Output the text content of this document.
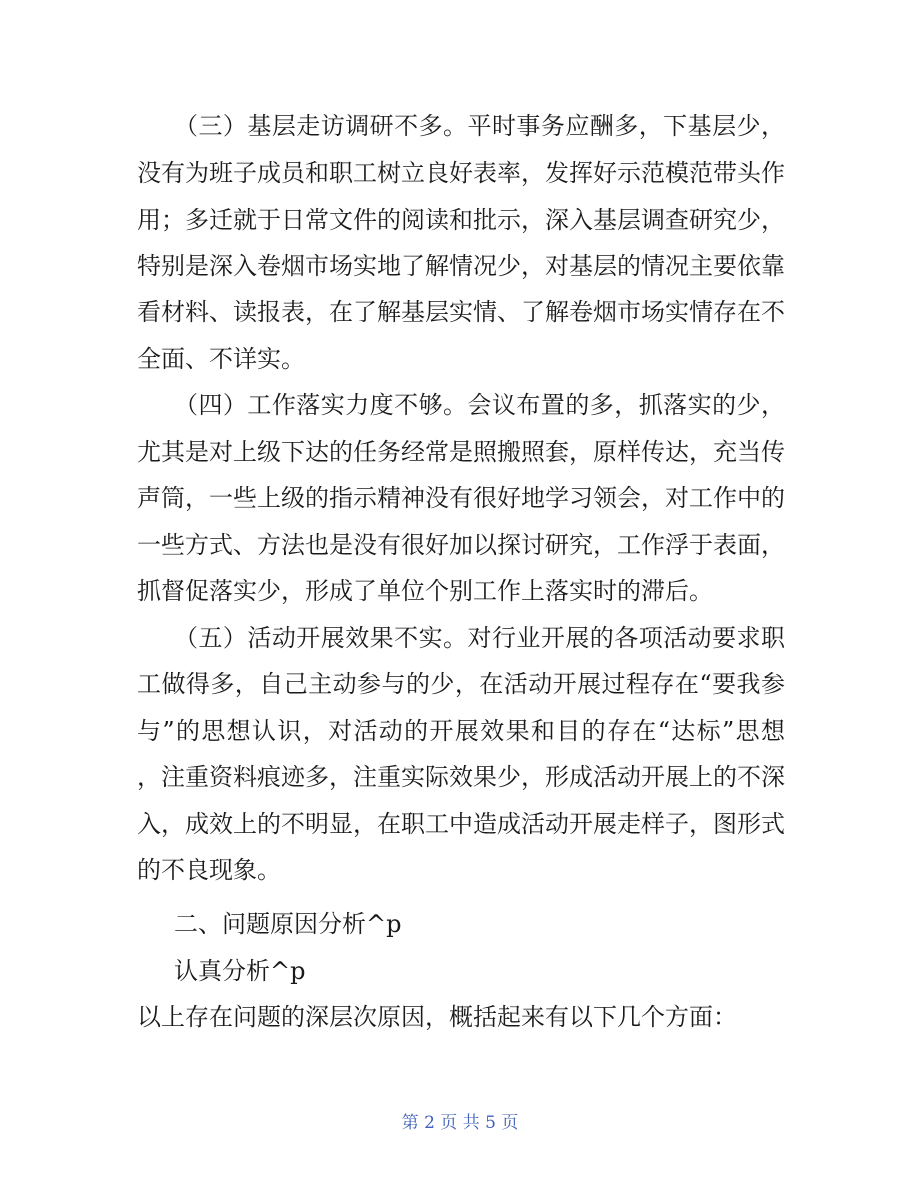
（三）基层走访调研不多。平时事务应酬多，下基层少，
没有为班子成员和职工树立良好表率，发挥好示范模范带头作
用；多迁就于日常文件的阅读和批示，深入基层调查研究少，
特别是深入卷烟市场实地了解情况少，对基层的情况主要依靠
看材料、读报表，在了解基层实情、了解卷烟市场实情存在不
全面、不详实。
（四）工作落实力度不够。会议布置的多，抓落实的少，
尤其是对上级下达的任务经常是照搬照套，原样传达，充当传
声筒，一些上级的指示精神没有很好地学习领会，对工作中的
一些方式、方法也是没有很好加以探讨研究，工作浮于表面，
抓督促落实少，形成了单位个别工作上落实时的滞后。
（五）活动开展效果不实。对行业开展的各项活动要求职
工做得多，自己主动参与的少，在活动开展过程存在“要我参
与”的思想认识，对活动的开展效果和目的存在“达标”思想
，注重资料痕迹多，注重实际效果少，形成活动开展上的不深
入，成效上的不明显，在职工中造成活动开展走样子，图形式
的不良现象。
二、问题原因分析^p
认真分析^p
以上存在问题的深层次原因，概括起来有以下几个方面：
第 2 页 共 5 页
